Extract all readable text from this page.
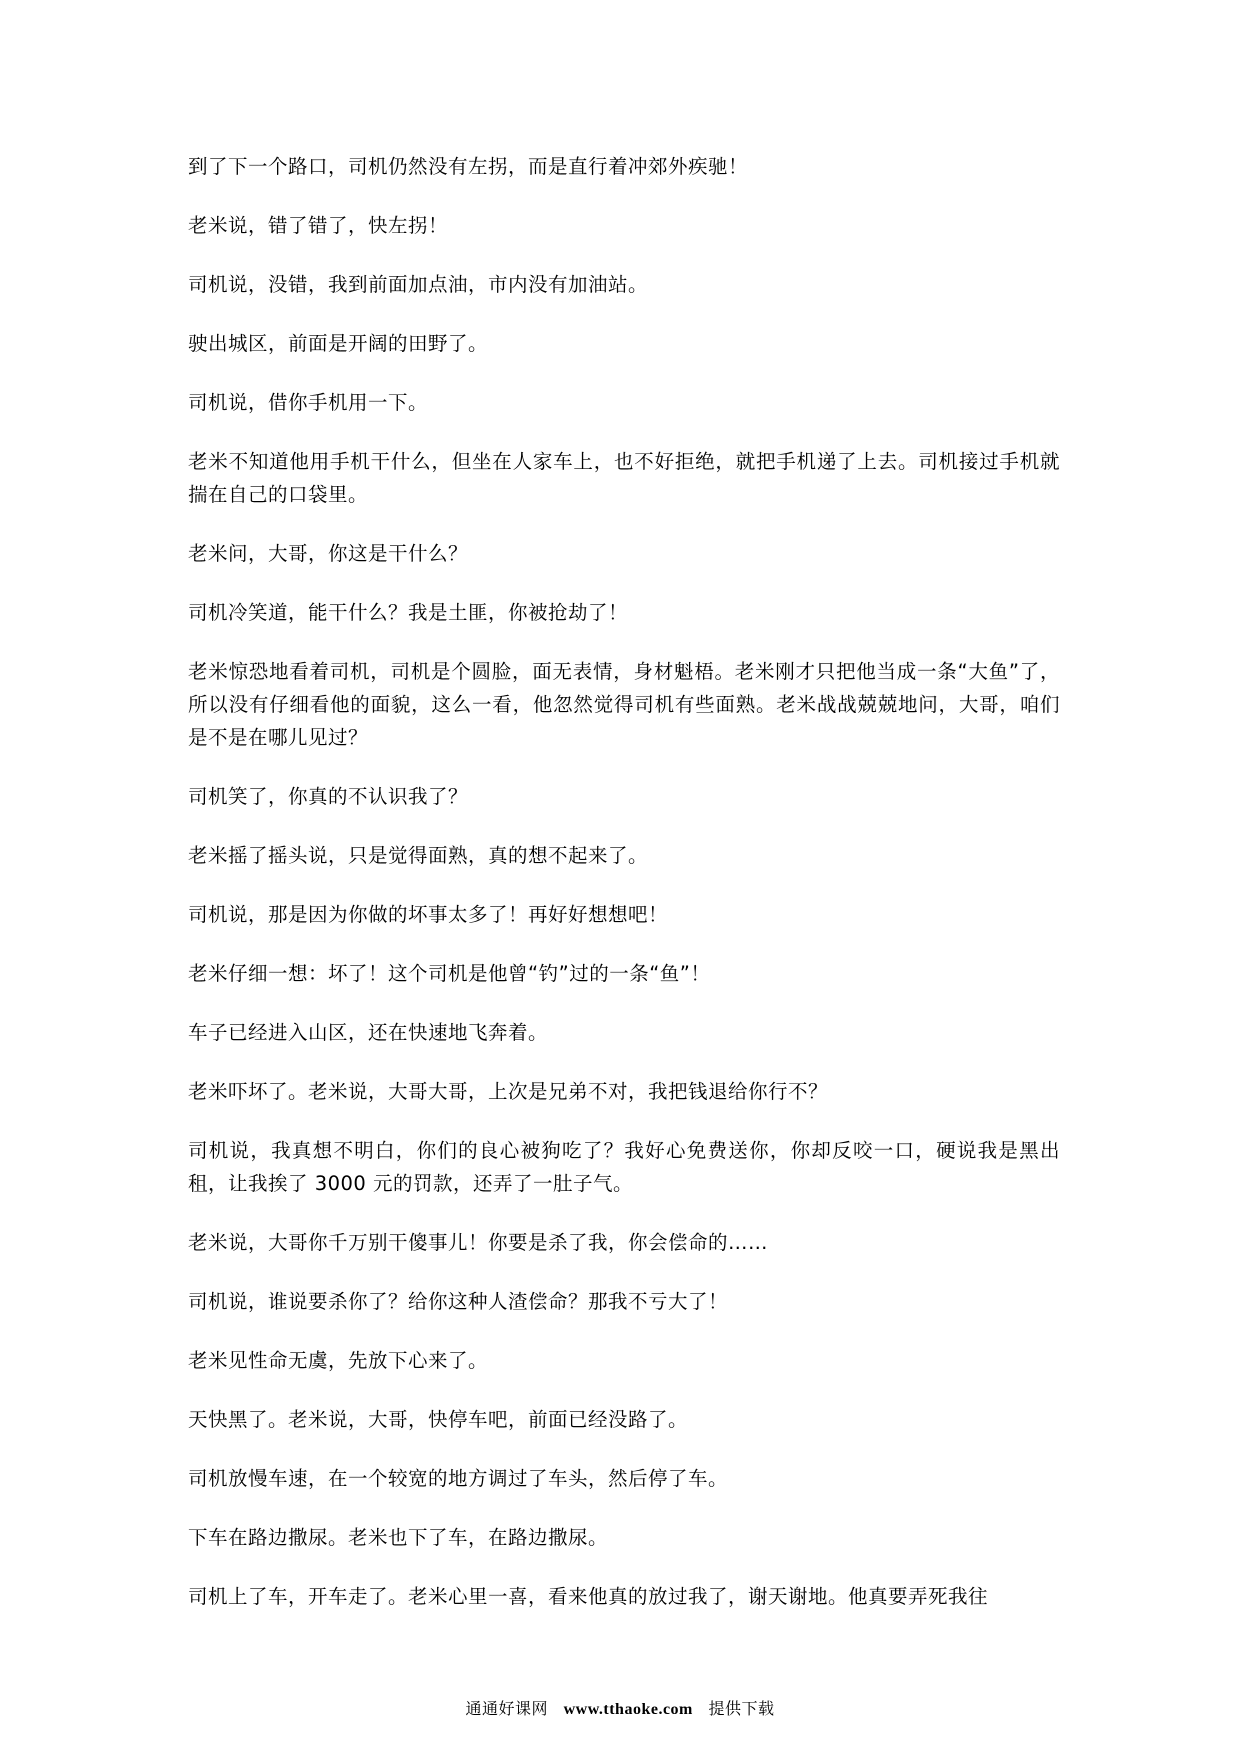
到了下一个路口，司机仍然没有左拐，而是直行着冲郊外疾驰！

老米说，错了错了，快左拐！

司机说，没错，我到前面加点油，市内没有加油站。

驶出城区，前面是开阔的田野了。

司机说，借你手机用一下。

老米不知道他用手机干什么，但坐在人家车上，也不好拒绝，就把手机递了上去。司机接过手机就揣在自己的口袋里。

老米问，大哥，你这是干什么？

司机冷笑道，能干什么？我是土匪，你被抢劫了！

老米惊恐地看着司机，司机是个圆脸，面无表情，身材魁梧。老米刚才只把他当成一条“大鱼”了，所以没有仔细看他的面貌，这么一看，他忽然觉得司机有些面熟。老米战战兢兢地问，大哥，咱们是不是在哪儿见过？

司机笑了，你真的不认识我了？

老米摇了摇头说，只是觉得面熟，真的想不起来了。

司机说，那是因为你做的坏事太多了！再好好想想吧！

老米仔细一想：坏了！这个司机是他曾“钓”过的一条“鱼”！

车子已经进入山区，还在快速地飞奔着。

老米吓坏了。老米说，大哥大哥，上次是兄弟不对，我把钱退给你行不？

司机说，我真想不明白，你们的良心被狗吃了？我好心免费送你，你却反咬一口，硬说我是黑出租，让我挨了 3000 元的罚款，还弄了一肚子气。

老米说，大哥你千万别干傻事儿！你要是杀了我，你会偿命的……

司机说，谁说要杀你了？给你这种人渣偿命？那我不亏大了！

老米见性命无虞，先放下心来了。

天快黑了。老米说，大哥，快停车吧，前面已经没路了。

司机放慢车速，在一个较宽的地方调过了车头，然后停了车。

下车在路边撒尿。老米也下了车，在路边撒尿。

司机上了车，开车走了。老米心里一喜，看来他真的放过我了，谢天谢地。他真要弄死我往

通通好课网 www.tthaoke.com 提供下载
